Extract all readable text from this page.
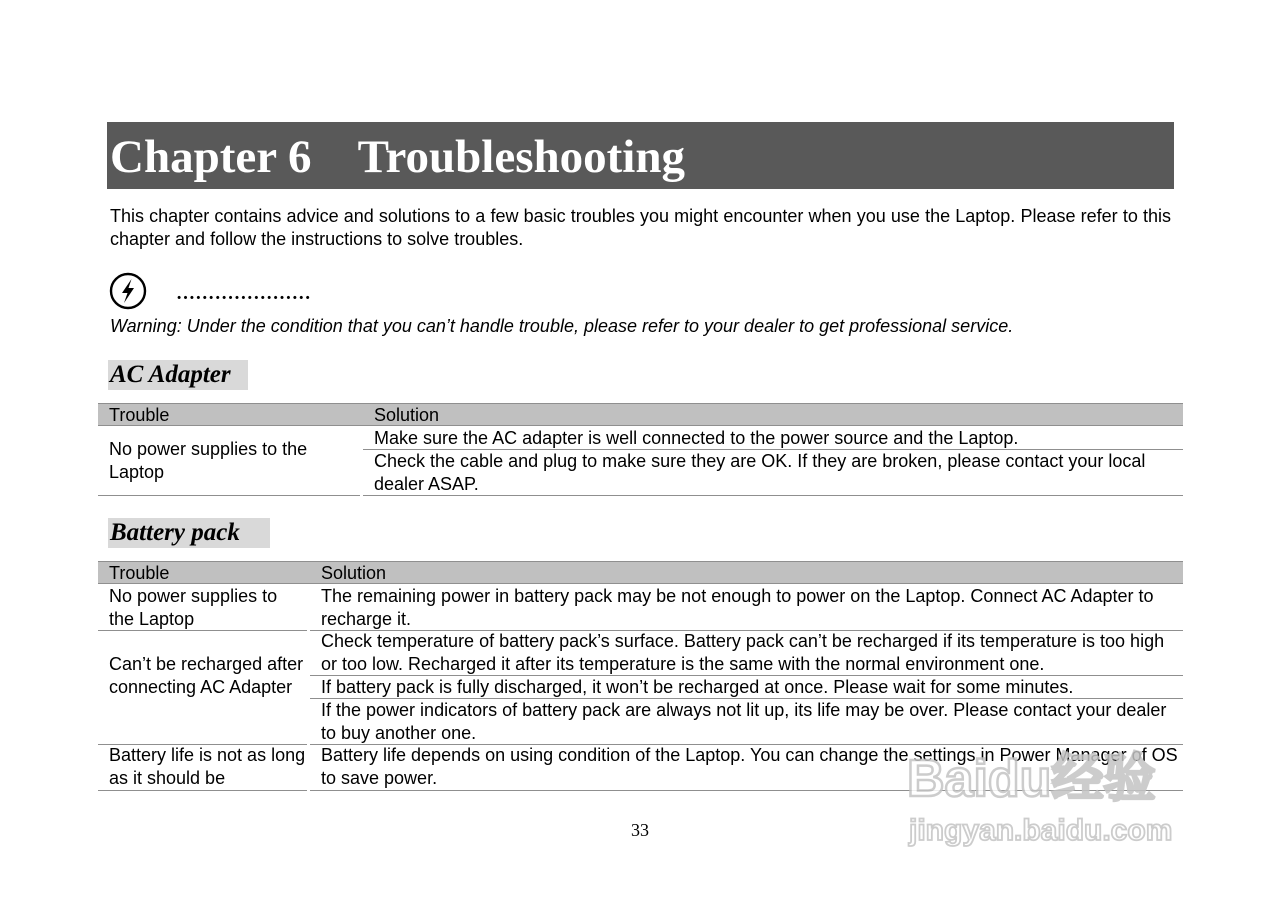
Chapter 6    Troubleshooting

This chapter contains advice and solutions to a few basic troubles you might encounter when you use the Laptop. Please refer to this chapter and follow the instructions to solve troubles.

…………………

Warning: Under the condition that you can’t handle trouble, please refer to your dealer to get professional service.

AC Adapter
Trouble	Solution
No power supplies to the Laptop
Make sure the AC adapter is well connected to the power source and the Laptop.
Check the cable and plug to make sure they are OK. If they are broken, please contact your local dealer ASAP.
Battery pack
Trouble	Solution
No power supplies to the Laptop
The remaining power in battery pack may be not enough to power on the Laptop. Connect AC Adapter to recharge it.
Can’t be recharged after connecting AC Adapter
Check temperature of battery pack’s surface. Battery pack can’t be recharged if its temperature is too high or too low. Recharged it after its temperature is the same with the normal environment one.
If battery pack is fully discharged, it won’t be recharged at once. Please wait for some minutes.
If the power indicators of battery pack are always not lit up, its life may be over. Please contact your dealer to buy another one.
Battery life is not as long as it should be
Battery life depends on using condition of the Laptop. You can change the settings in Power Manager of OS to save power.
33
Baidu经验
jingyan.baidu.com
